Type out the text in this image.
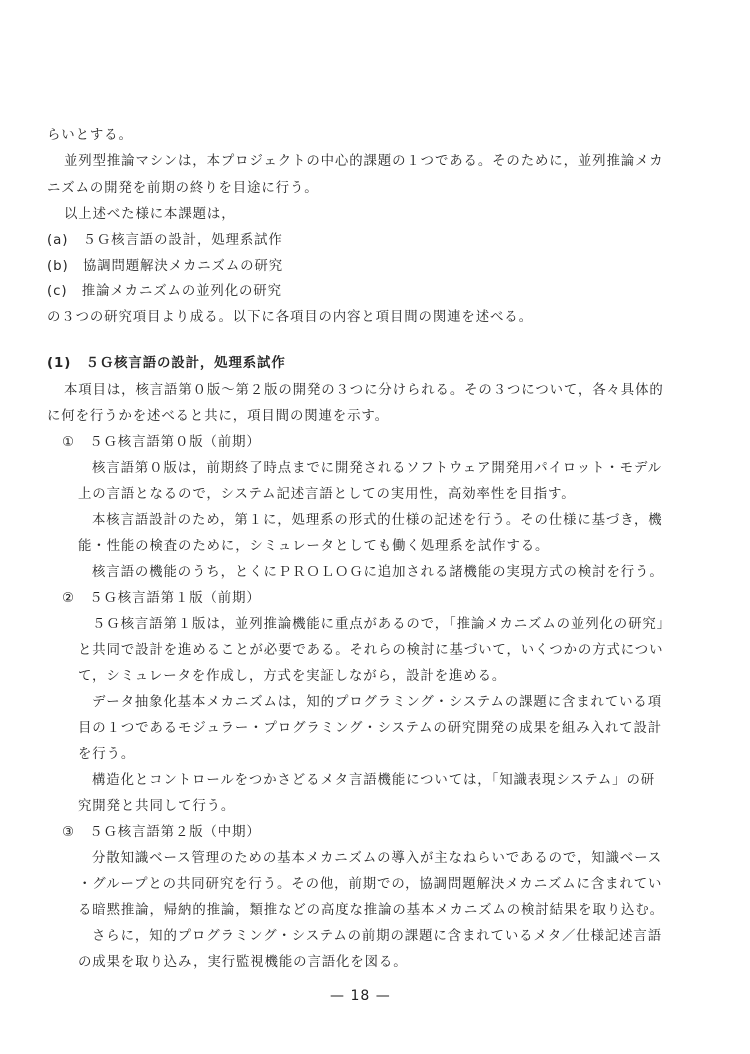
らいとする。
並列型推論マシンは，本プロジェクトの中心的課題の１つである。そのために，並列推論メカ
ニズムの開発を前期の終りを目途に行う。
以上述べた様に本課題は，
(a)　５Ｇ核言語の設計，処理系試作
(b)　協調問題解決メカニズムの研究
(c)　推論メカニズムの並列化の研究
の３つの研究項目より成る。以下に各項目の内容と項目間の関連を述べる。
(1)　５Ｇ核言語の設計，処理系試作
本項目は，核言語第０版～第２版の開発の３つに分けられる。その３つについて，各々具体的
に何を行うかを述べると共に，項目間の関連を示す。
①　５Ｇ核言語第０版（前期）
核言語第０版は，前期終了時点までに開発されるソフトウェア開発用パイロット・モデル
上の言語となるので，システム記述言語としての実用性，高効率性を目指す。
本核言語設計のため，第１に，処理系の形式的仕様の記述を行う。その仕様に基づき，機
能・性能の検査のために，シミュレータとしても働く処理系を試作する。
核言語の機能のうち，とくにＰＲＯＬＯＧに追加される諸機能の実現方式の検討を行う。
②　５Ｇ核言語第１版（前期）
５Ｇ核言語第１版は，並列推論機能に重点があるので，「推論メカニズムの並列化の研究」
と共同で設計を進めることが必要である。それらの検討に基づいて，いくつかの方式につい
て，シミュレータを作成し，方式を実証しながら，設計を進める。
データ抽象化基本メカニズムは，知的プログラミング・システムの課題に含まれている項
目の１つであるモジュラー・プログラミング・システムの研究開発の成果を組み入れて設計
を行う。
構造化とコントロールをつかさどるメタ言語機能については，「知識表現システム」の研
究開発と共同して行う。
③　５Ｇ核言語第２版（中期）
分散知識ベース管理のための基本メカニズムの導入が主なねらいであるので，知識ベース
・グループとの共同研究を行う。その他，前期での，協調問題解決メカニズムに含まれてい
る暗黙推論，帰納的推論，類推などの高度な推論の基本メカニズムの検討結果を取り込む。
さらに，知的プログラミング・システムの前期の課題に含まれているメタ／仕様記述言語
の成果を取り込み，実行監視機能の言語化を図る。
— 18 —
